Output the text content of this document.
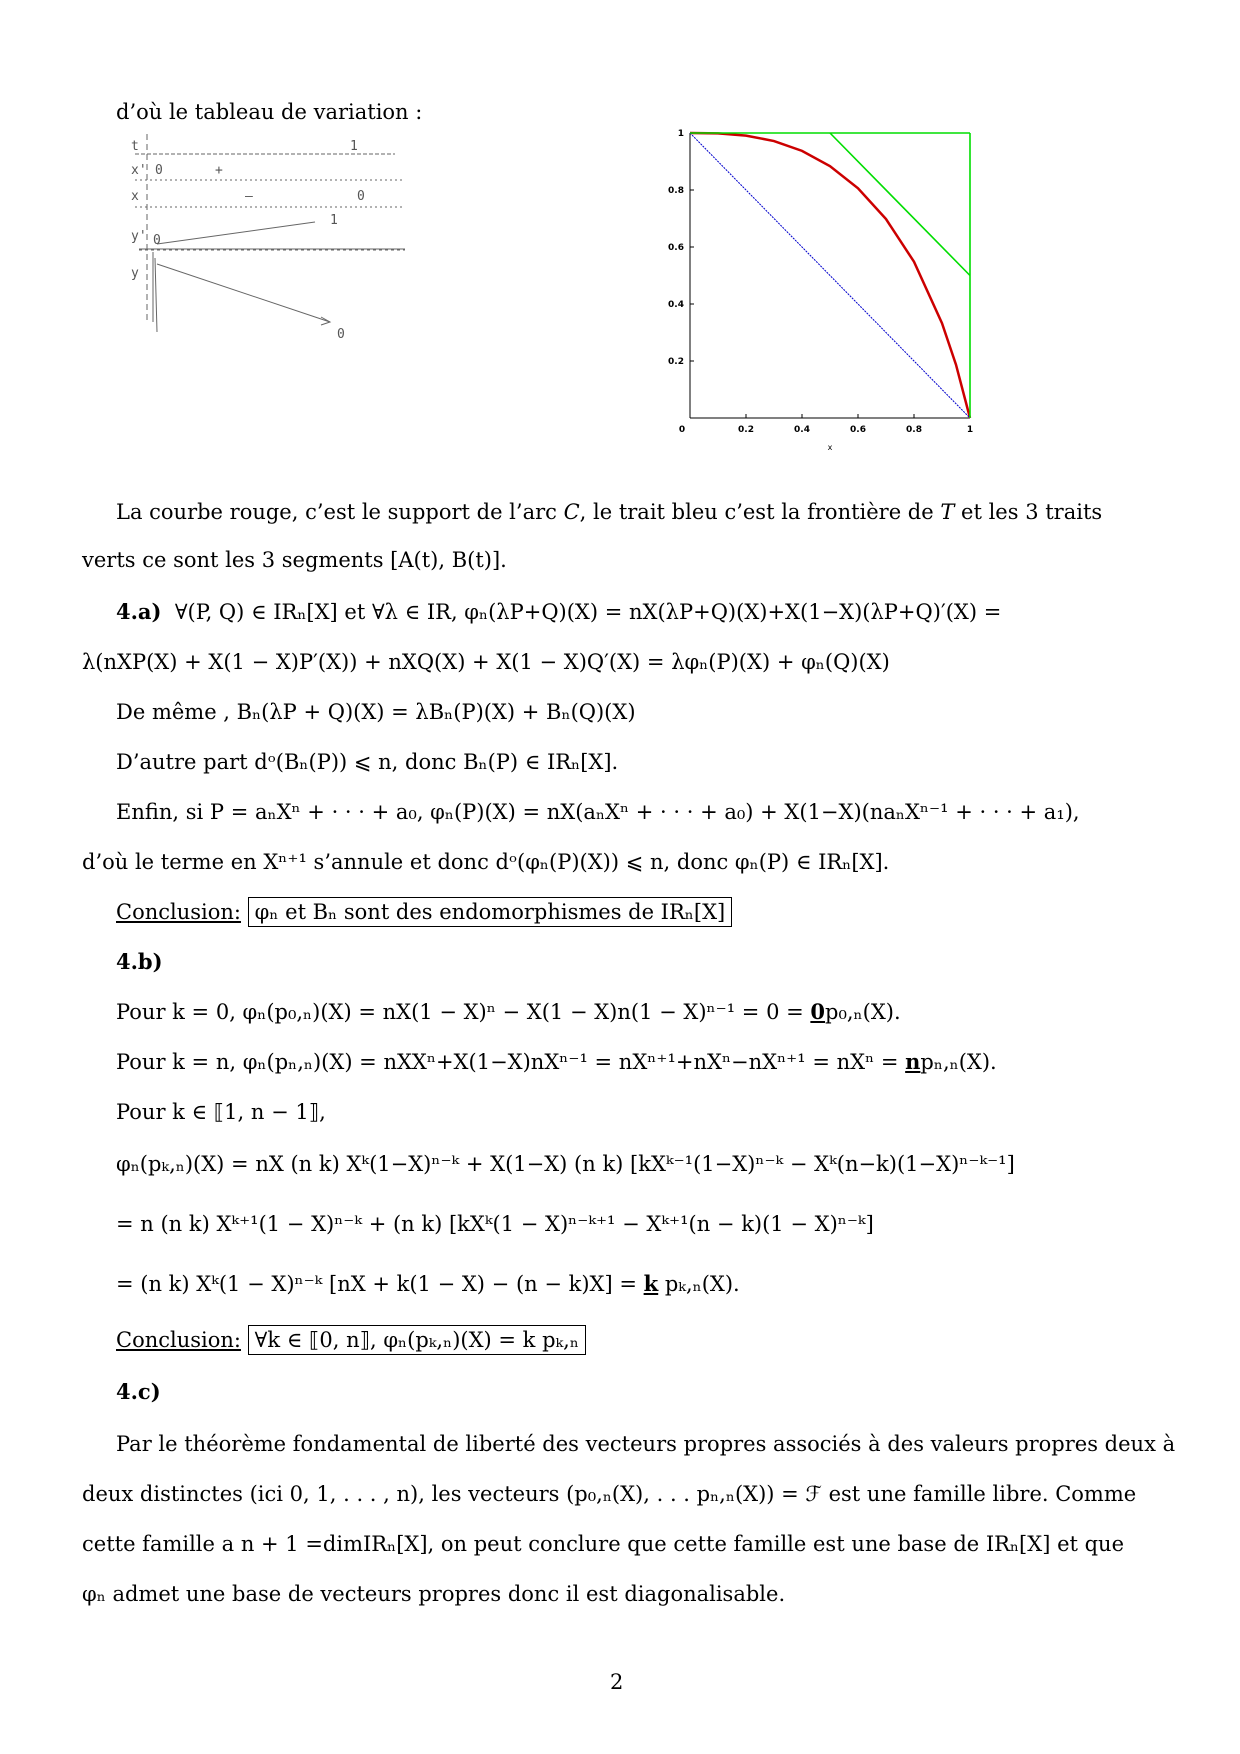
d’où le tableau de variation :
t
x'
x
y'
y
0	+
—	0
1
0
0
1
0	0.2	0.4	0.6	0.8	1
0.2
0.4
0.6
0.8
1
x
La courbe rouge, c’est le support de l’arc C, le trait bleu c’est la frontière de T et les 3 traits
verts ce sont les 3 segments [A(t), B(t)].
4.a) ∀(P, Q) ∈ IRₙ[X] et ∀λ ∈ IR, φₙ(λP+Q)(X) = nX(λP+Q)(X)+X(1−X)(λP+Q)′(X) =
λ(nXP(X) + X(1 − X)P′(X)) + nXQ(X) + X(1 − X)Q′(X) = λφₙ(P)(X) + φₙ(Q)(X)
De même , Bₙ(λP + Q)(X) = λBₙ(P)(X) + Bₙ(Q)(X)
D’autre part dᵒ(Bₙ(P)) ⩽ n, donc Bₙ(P) ∈ IRₙ[X].
Enfin, si P = aₙXⁿ + · · · + a₀, φₙ(P)(X) = nX(aₙXⁿ + · · · + a₀) + X(1−X)(naₙXⁿ⁻¹ + · · · + a₁),
d’où le terme en Xⁿ⁺¹ s’annule et donc dᵒ(φₙ(P)(X)) ⩽ n, donc φₙ(P) ∈ IRₙ[X].
Conclusion: φₙ et Bₙ sont des endomorphismes de IRₙ[X]
4.b)
Pour k = 0, φₙ(p₀,ₙ)(X) = nX(1 − X)ⁿ − X(1 − X)n(1 − X)ⁿ⁻¹ = 0 = 0p₀,ₙ(X).
Pour k = n, φₙ(pₙ,ₙ)(X) = nXXⁿ+X(1−X)nXⁿ⁻¹ = nXⁿ⁺¹+nXⁿ−nXⁿ⁺¹ = nXⁿ = npₙ,ₙ(X).
Pour k ∈ ⟦1, n − 1⟧,
φₙ(pₖ,ₙ)(X) = nX (n k) Xᵏ(1−X)ⁿ⁻ᵏ + X(1−X) (n k) [kXᵏ⁻¹(1−X)ⁿ⁻ᵏ − Xᵏ(n−k)(1−X)ⁿ⁻ᵏ⁻¹]
= n (n k) Xᵏ⁺¹(1 − X)ⁿ⁻ᵏ + (n k) [kXᵏ(1 − X)ⁿ⁻ᵏ⁺¹ − Xᵏ⁺¹(n − k)(1 − X)ⁿ⁻ᵏ]
= (n k) Xᵏ(1 − X)ⁿ⁻ᵏ [nX + k(1 − X) − (n − k)X] = k pₖ,ₙ(X).
Conclusion: ∀k ∈ ⟦0, n⟧, φₙ(pₖ,ₙ)(X) = k pₖ,ₙ
4.c)
Par le théorème fondamental de liberté des vecteurs propres associés à des valeurs propres deux à
deux distinctes (ici 0, 1, . . . , n), les vecteurs (p₀,ₙ(X), . . . pₙ,ₙ(X)) = ℱ est une famille libre. Comme
cette famille a n + 1 =dimIRₙ[X], on peut conclure que cette famille est une base de IRₙ[X] et que
φₙ admet une base de vecteurs propres donc il est diagonalisable.
2
